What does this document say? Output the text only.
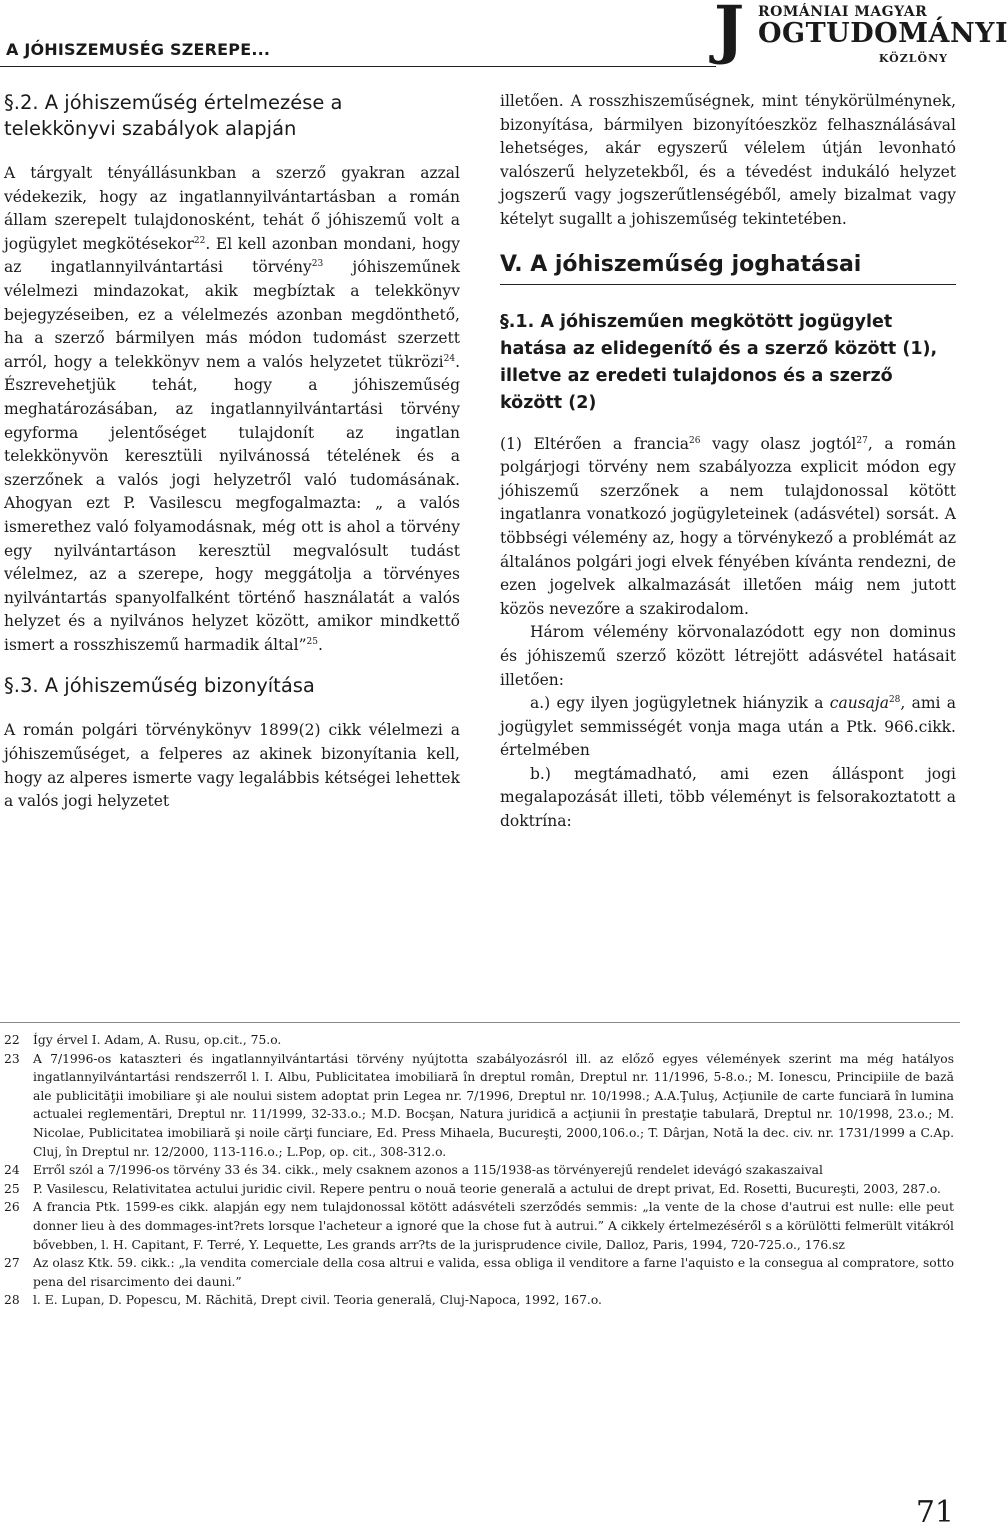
A JÓHISZEMUSÉG SZEREPE...	J ROMÁNIAI MAGYAR
OGTUDOMÁNYI
KÖZLÖNY
§.2. A jóhiszeműség értelmezése a telekkönyvi szabályok alapján

A tárgyalt tényállásunkban a szerző gyakran azzal védekezik, hogy az ingatlannyilvántartásban a román állam szerepelt tulajdonosként, tehát ő jóhiszemű volt a jogügylet megkötésekor$^{22}$. El kell azonban mondani, hogy az ingatlannyilvántartási törvény$^{23}$ jóhiszeműnek vélelmezi mindazokat, akik megbíztak a telekkönyv bejegyzéseiben, ez a vélelmezés azonban megdönthető, ha a szerző bármilyen más módon tudomást szerzett arról, hogy a telekkönyv nem a valós helyzetet tükrözi$^{24}$. Észrevehetjük tehát, hogy a jóhiszeműség meghatározásában, az ingatlannyilvántartási törvény egyforma jelentőséget tulajdonít az ingatlan telekkönyvön keresztüli nyilvánossá tételének és a szerzőnek a valós jogi helyzetről való tudomásának. Ahogyan ezt P. Vasilescu megfogalmazta: „ a valós ismerethez való folyamodásnak, még ott is ahol a törvény egy nyilvántartáson keresztül megvalósult tudást vélelmez, az a szerepe, hogy meggátolja a törvényes nyilvántartás spanyolfalként történő használatát a valós helyzet és a nyilvános helyzet között, amikor mindkettő ismert a rosszhiszemű harmadik által”$^{25}$.

§.3. A jóhiszeműség bizonyítása

A román polgári törvénykönyv 1899(2) cikk vélelmezi a jóhiszeműséget, a felperes az akinek bizonyítania kell, hogy az alperes ismerte vagy legalábbis kétségei lehettek a valós jogi helyzetet

illetően. A rosszhiszeműségnek, mint ténykörülménynek, bizonyítása, bármilyen bizonyítóeszköz felhasználásával lehetséges, akár egyszerű vélelem útján levonható valószerű helyzetekből, és a tévedést indukáló helyzet jogszerű vagy jogszerűtlenségéből, amely bizalmat vagy kételyt sugallt a johiszeműség tekintetében.

V. A jóhiszeműség joghatásai
§.1. A jóhiszeműen megkötött jogügylet hatása az elidegenítő és a szerző között (1), illetve az eredeti tulajdonos és a szerző között (2)

(1) Eltérően a francia$^{26}$ vagy olasz jogtól$^{27}$, a román polgárjogi törvény nem szabályozza explicit módon egy jóhiszemű szerzőnek a nem tulajdonossal kötött ingatlanra vonatkozó jogügyleteinek (adásvétel) sorsát. A többségi vélemény az, hogy a törvénykező a problémát az általános polgári jogi elvek fényében kívánta rendezni, de ezen jogelvek alkalmazását illetően máig nem jutott közös nevezőre a szakirodalom.

Három vélemény körvonalazódott egy non dominus és jóhiszemű szerző között létrejött adásvétel hatásait illetően:

a.) egy ilyen jogügyletnek hiányzik a causaja$^{28}$, ami a jogügylet semmisségét vonja maga után a Ptk. 966.cikk. értelmében

b.) megtámadható, ami ezen álláspont jogi megalapozását illeti, több véleményt is felsorakoztatott a doktrína:

22	Így érvel I. Adam, A. Rusu, op.cit., 75.o.
23	A 7/1996-os kataszteri és ingatlannyilvántartási törvény nyújtotta szabályozásról ill. az előző egyes vélemények szerint ma még hatályos ingatlannyilvántartási rendszerről l. I. Albu, Publicitatea imobiliară în dreptul român, Dreptul nr. 11/1996, 5-8.o.; M. Ionescu, Principiile de bază ale publicităţii imobiliare şi ale noului sistem adoptat prin Legea nr. 7/1996, Dreptul nr. 10/1998.; A.A.Ţuluş, Acţiunile de carte funciară în lumina actualei reglementări, Dreptul nr. 11/1999, 32-33.o.; M.D. Bocşan, Natura juridică a acţiunii în prestaţie tabulară, Dreptul nr. 10/1998, 23.o.; M. Nicolae, Publicitatea imobiliară şi noile cărţi funciare, Ed. Press Mihaela, Bucureşti, 2000,106.o.; T. Dârjan, Notă la dec. civ. nr. 1731/1999 a C.Ap. Cluj, în Dreptul nr. 12/2000, 113-116.o.; L.Pop, op. cit., 308-312.o.
24	Erről szól a 7/1996-os törvény 33 és 34. cikk., mely csaknem azonos a 115/1938-as törvényerejű rendelet idevágó szakaszaival
25	P. Vasilescu, Relativitatea actului juridic civil. Repere pentru o nouă teorie generală a actului de drept privat, Ed. Rosetti, Bucureşti, 2003, 287.o.
26	A francia Ptk. 1599-es cikk. alapján egy nem tulajdonossal kötött adásvételi szerződés semmis: „la vente de la chose d'autrui est nulle: elle peut donner lieu à des dommages-int?rets lorsque l'acheteur a ignoré que la chose fut à autrui.” A cikkely értelmezéséről s a körülötti felmerült vitákról bővebben, l. H. Capitant, F. Terré, Y. Lequette, Les grands arr?ts de la jurisprudence civile, Dalloz, Paris, 1994, 720-725.o., 176.sz
27	Az olasz Ktk. 59. cikk.: „la vendita comerciale della cosa altrui e valida, essa obliga il venditore a farne l'aquisto e la consegua al compratore, sotto pena del risarcimento dei dauni.”
28	l. E. Lupan, D. Popescu, M. Răchită, Drept civil. Teoria generală, Cluj-Napoca, 1992, 167.o.
71
